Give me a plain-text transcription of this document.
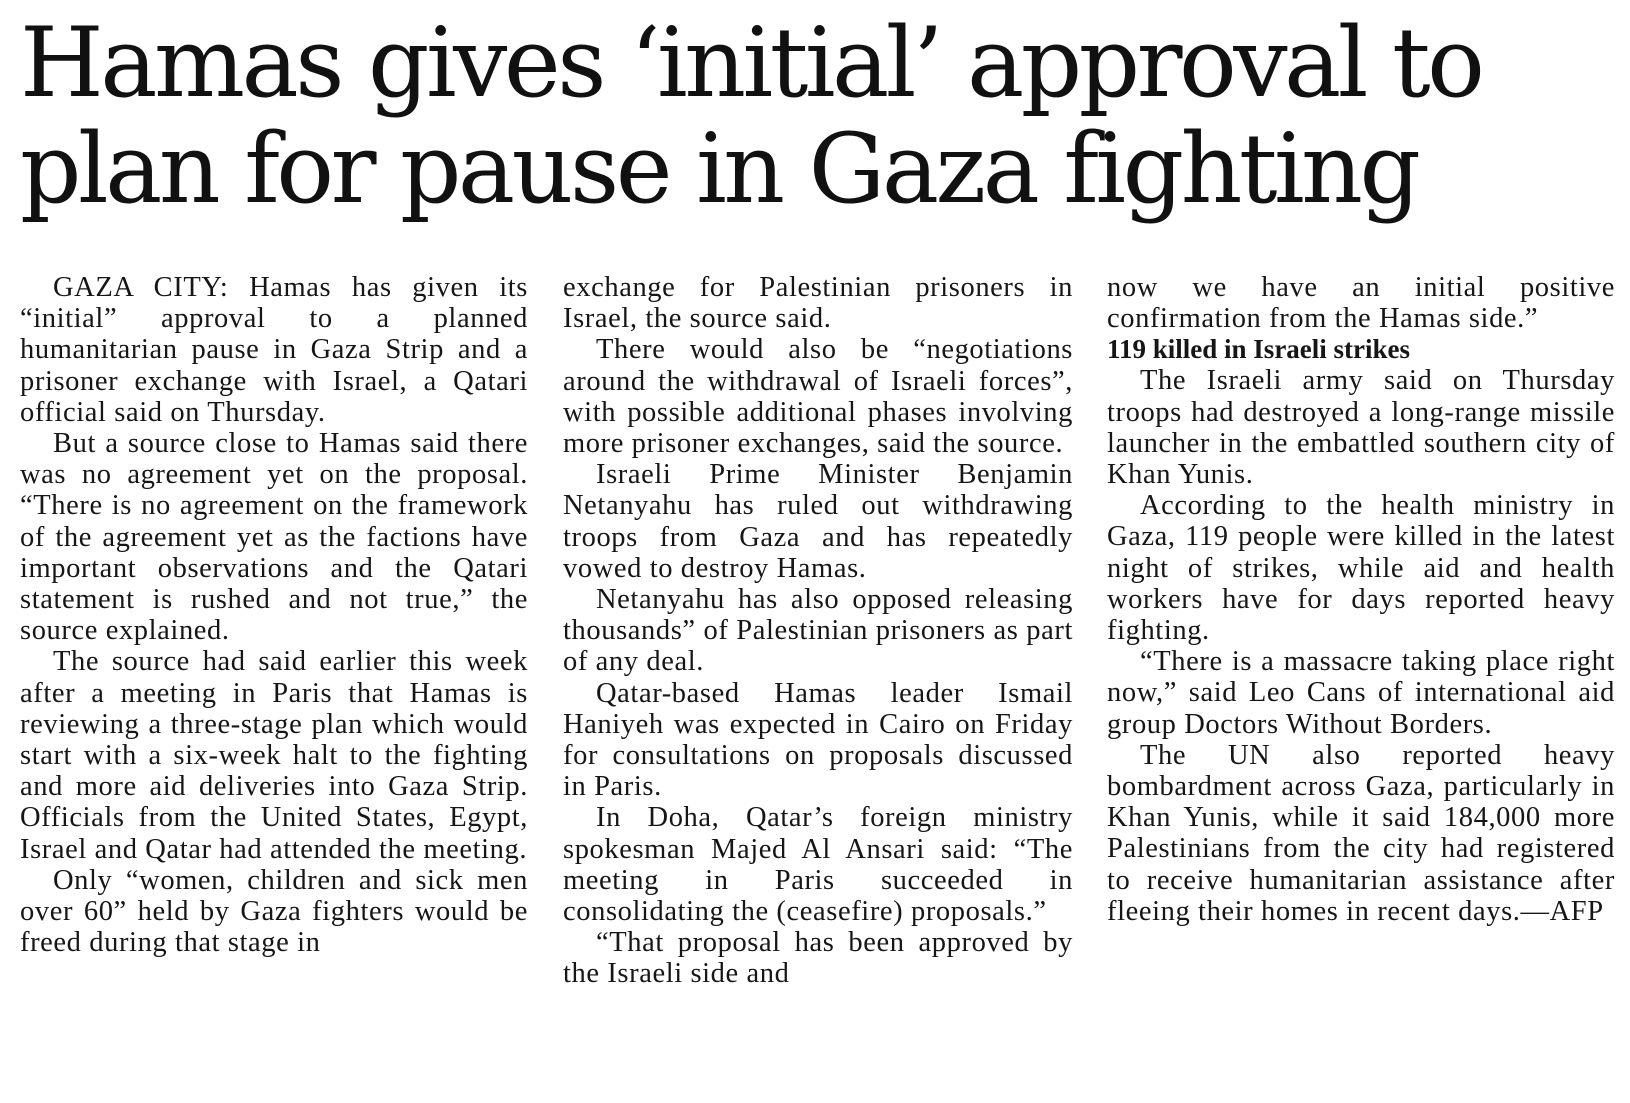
Hamas gives ‘initial’ approval to
plan for pause in Gaza fighting

GAZA CITY: Hamas has given its “initial” approval to a planned humanitarian pause in Gaza Strip and a prisoner exchange with Israel, a Qatari official said on Thursday.

But a source close to Hamas said there was no agreement yet on the proposal. “There is no agreement on the framework of the agreement yet as the factions have important observations and the Qatari statement is rushed and not true,” the source explained.

The source had said earlier this week after a meeting in Paris that Hamas is reviewing a three-stage plan which would start with a six-week halt to the fighting and more aid deliveries into Gaza Strip. Officials from the United States, Egypt, Israel and Qatar had attended the meeting.

Only “women, children and sick men over 60” held by Gaza fighters would be freed during that stage in

exchange for Palestinian prisoners in Israel, the source said.

There would also be “negotiations around the withdrawal of Israeli forces”, with possible additional phases involving more prisoner exchanges, said the source.

Israeli Prime Minister Benjamin Netanyahu has ruled out withdrawing troops from Gaza and has repeatedly vowed to destroy Hamas.

Netanyahu has also opposed releasing thousands” of Palestinian prisoners as part of any deal.

Qatar-based Hamas leader Ismail Haniyeh was expected in Cairo on Friday for consultations on proposals discussed in Paris.

In Doha, Qatar’s foreign ministry spokesman Majed Al Ansari said: “The meeting in Paris succeeded in consolidating the (ceasefire) proposals.”

“That proposal has been approved by the Israeli side and

now we have an initial positive confirmation from the Hamas side.”

119 killed in Israeli strikes

The Israeli army said on Thursday troops had destroyed a long-range missile launcher in the embattled southern city of Khan Yunis.

According to the health ministry in Gaza, 119 people were killed in the latest night of strikes, while aid and health workers have for days reported heavy fighting.

“There is a massacre taking place right now,” said Leo Cans of international aid group Doctors Without Borders.

The UN also reported heavy bombardment across Gaza, particularly in Khan Yunis, while it said 184,000 more Palestinians from the city had registered to receive humanitarian assistance after fleeing their homes in recent days.—AFP
